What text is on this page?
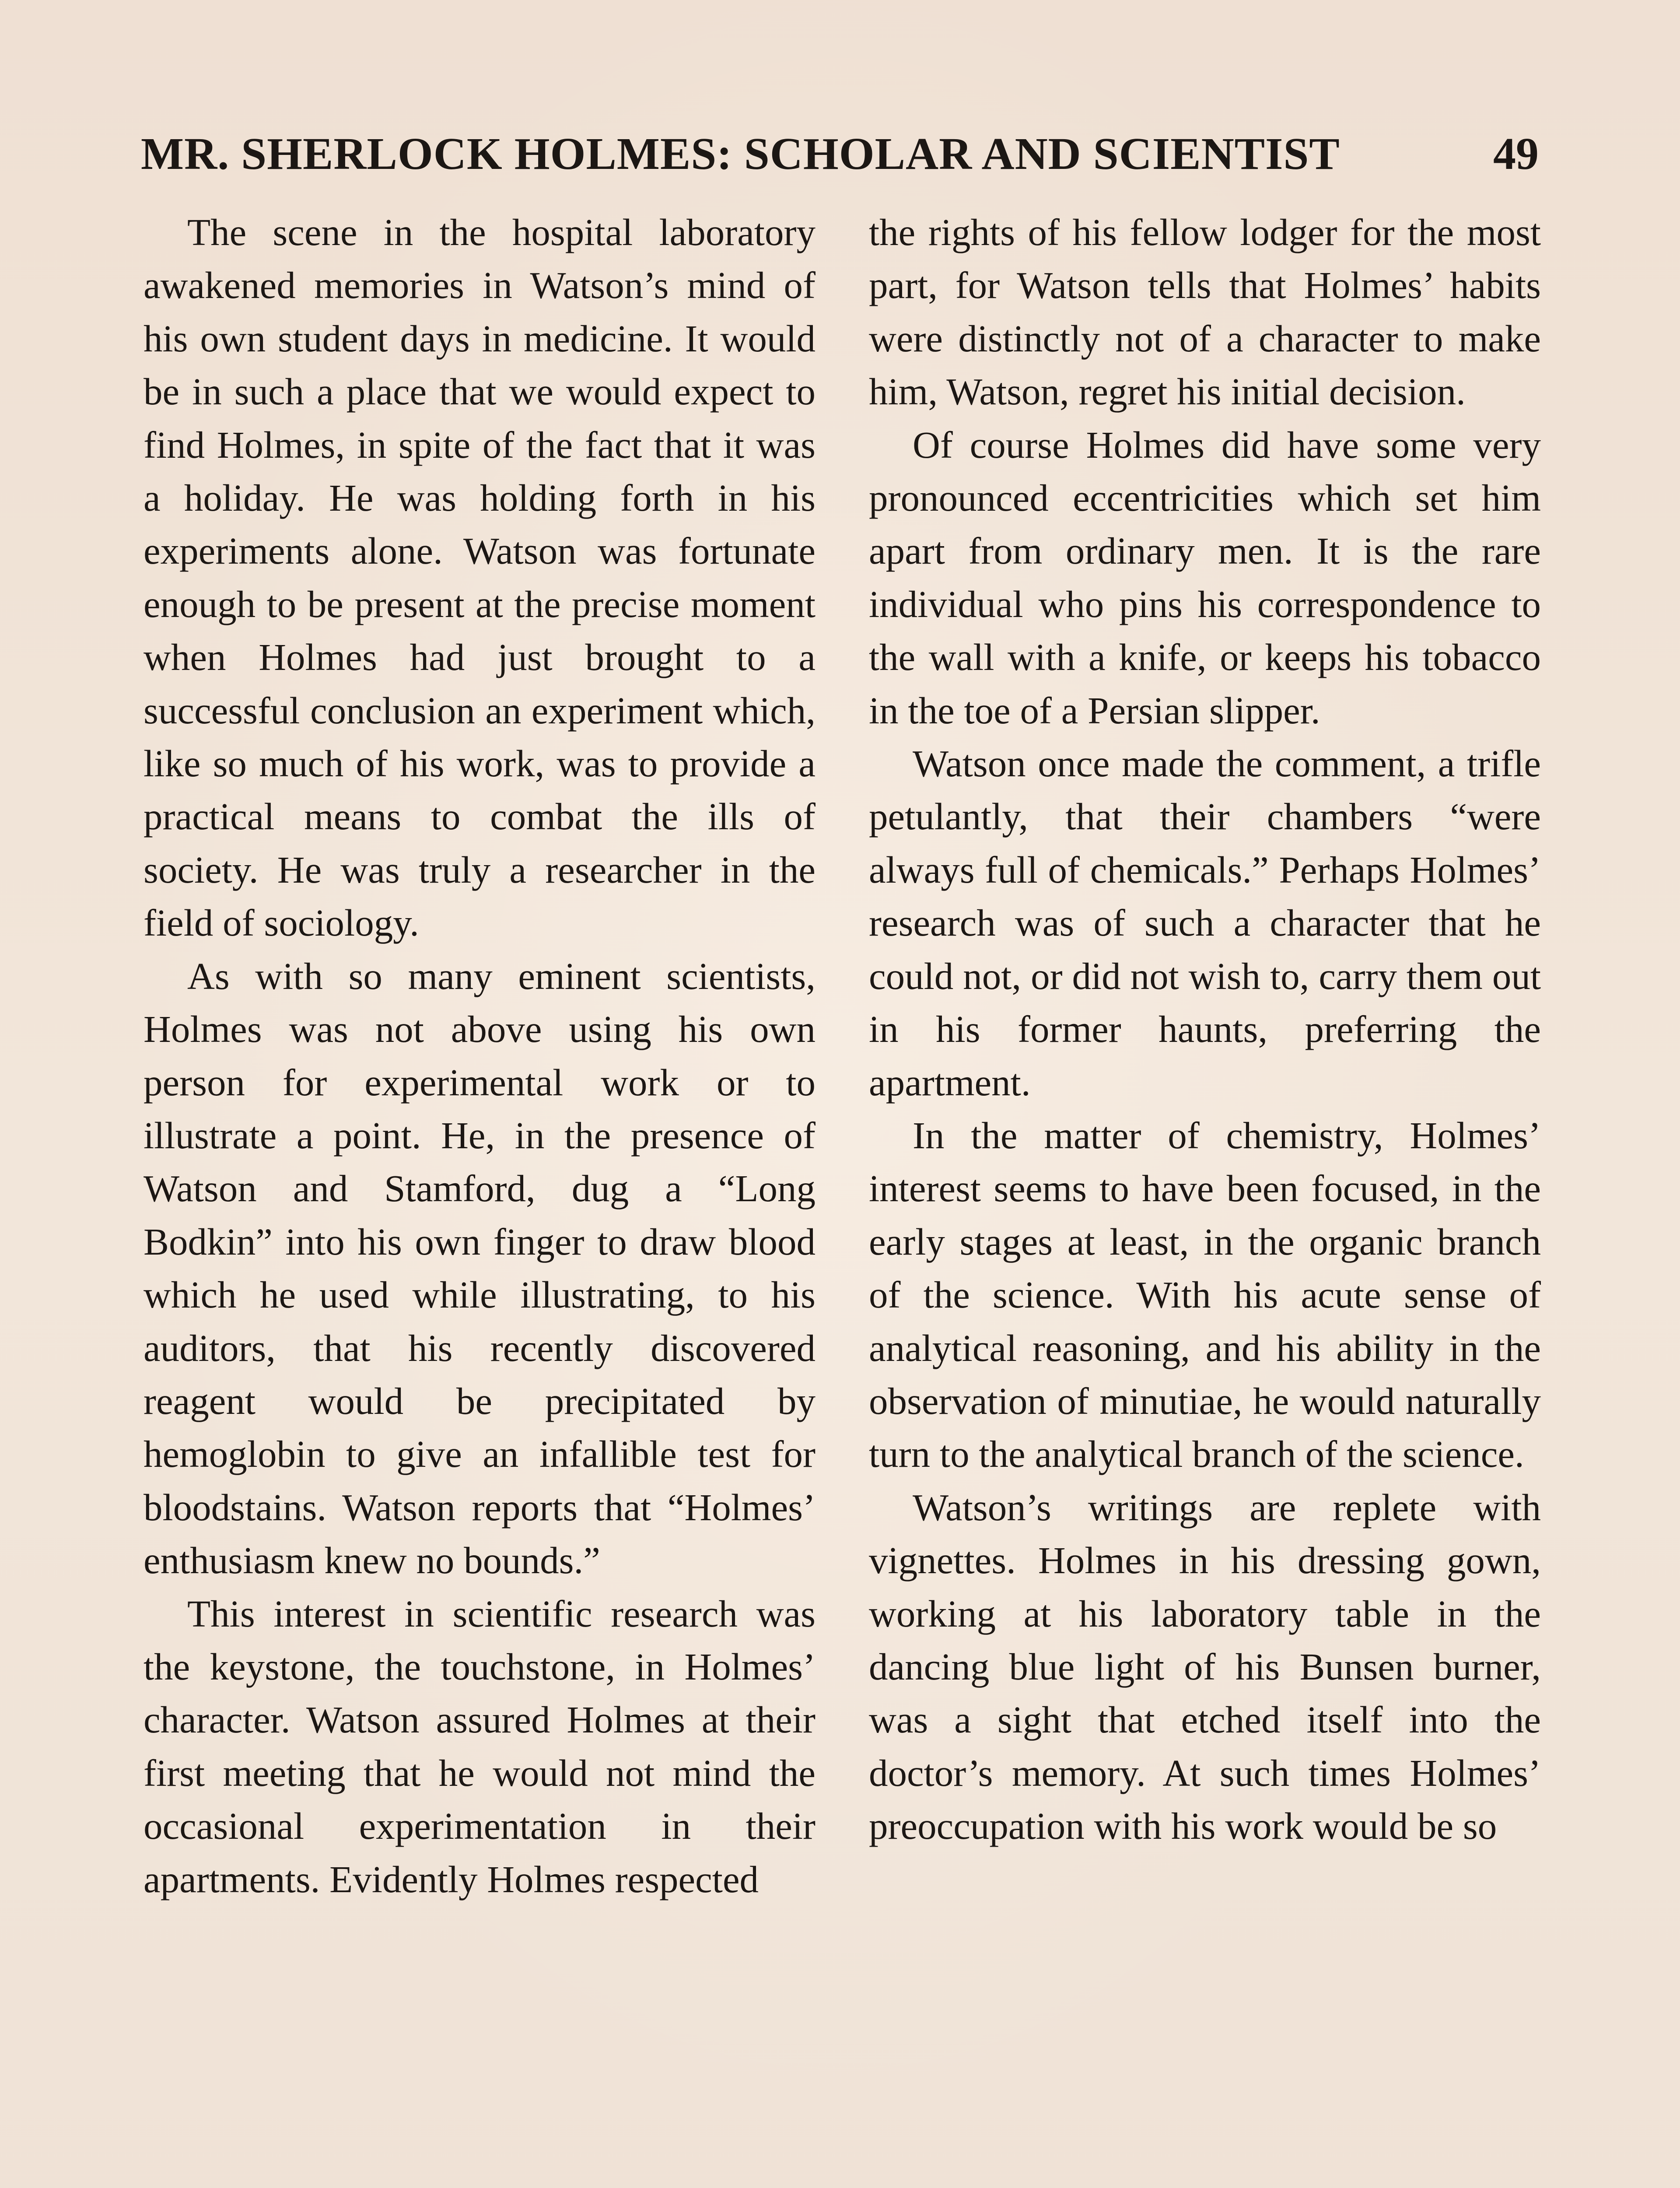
MR. SHERLOCK HOLMES: SCHOLAR AND SCIENTIST	49

The scene in the hospital laboratory awakened memories in Watson’s mind of his own student days in medicine. It would be in such a place that we would expect to find Holmes, in spite of the fact that it was a holiday. He was holding forth in his experiments alone. Watson was fortunate enough to be present at the precise moment when Holmes had just brought to a successful conclusion an experiment which, like so much of his work, was to provide a practical means to combat the ills of society. He was truly a researcher in the field of sociology.

As with so many eminent scientists, Holmes was not above using his own person for experimental work or to illustrate a point. He, in the presence of Watson and Stamford, dug a “Long Bodkin” into his own finger to draw blood which he used while illustrating, to his auditors, that his recently discovered reagent would be precipitated by hemoglobin to give an infallible test for bloodstains. Watson reports that “Holmes’ enthusiasm knew no bounds.”

This interest in scientific research was the keystone, the touchstone, in Holmes’ character. Watson assured Holmes at their first meeting that he would not mind the occasional experimentation in their apartments. Evidently Holmes respected

the rights of his fellow lodger for the most part, for Watson tells that Holmes’ habits were distinctly not of a character to make him, Watson, regret his initial decision.

Of course Holmes did have some very pronounced eccentricities which set him apart from ordinary men. It is the rare individual who pins his correspondence to the wall with a knife, or keeps his tobacco in the toe of a Persian slipper.

Watson once made the comment, a trifle petulantly, that their chambers “were always full of chemicals.” Perhaps Holmes’ research was of such a character that he could not, or did not wish to, carry them out in his former haunts, preferring the apartment.

In the matter of chemistry, Holmes’ interest seems to have been focused, in the early stages at least, in the organic branch of the science. With his acute sense of analytical reasoning, and his ability in the observation of minutiae, he would naturally turn to the analytical branch of the science.

Watson’s writings are replete with vignettes. Holmes in his dressing gown, working at his laboratory table in the dancing blue light of his Bunsen burner, was a sight that etched itself into the doctor’s memory. At such times Holmes’ preoccupation with his work would be so
